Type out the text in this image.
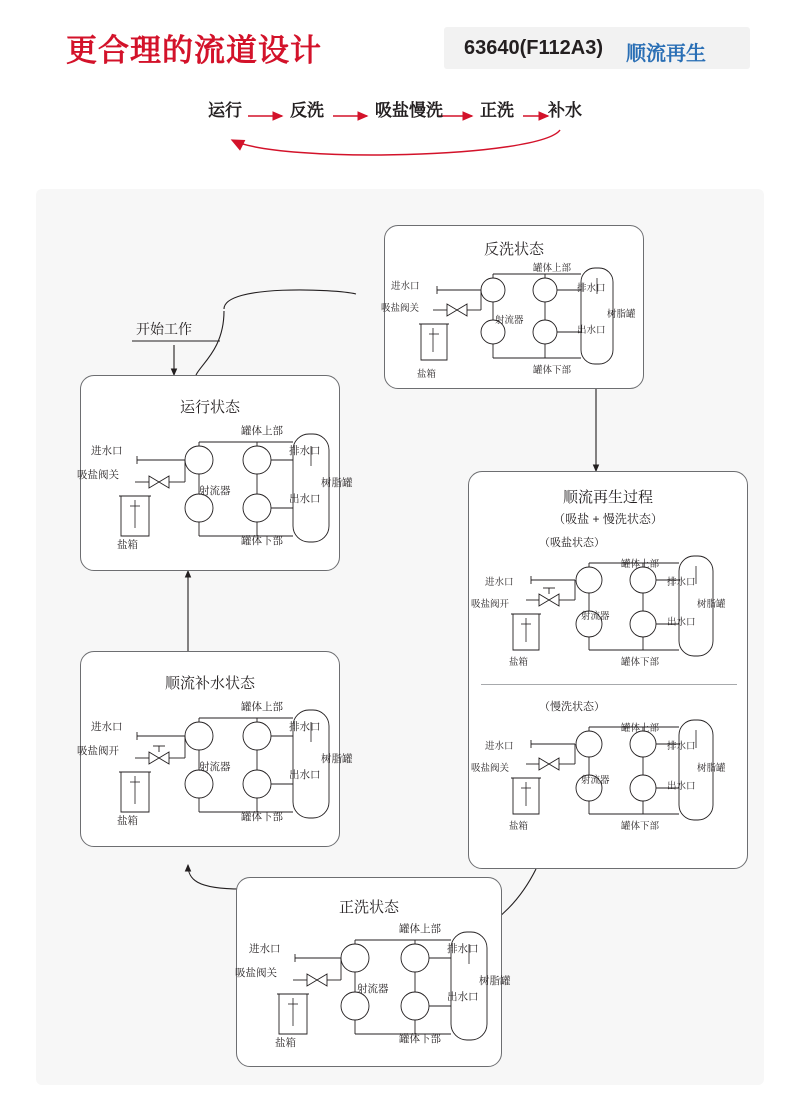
更合理的流道设计	63640(F112A3) 顺流再生
运行	反洗	吸盐慢洗 正洗 补水
开始工作
反洗状态
进水口
罐体上部
排水口
吸盐阀关
射流器
出水口
罐体下部
树脂罐
盐箱
运行状态
进水口
罐体上部
排水口
吸盐阀关
射流器
出水口
罐体下部
树脂罐
盐箱
顺流再生过程
（吸盐 + 慢洗状态）
（吸盐状态）
进水口
罐体上部
排水口
吸盐阀开
射流器
出水口
罐体下部
树脂罐
盐箱
（慢洗状态）
进水口
罐体上部
排水口
吸盐阀关
射流器
出水口
罐体下部
树脂罐
盐箱
顺流补水状态
进水口
罐体上部
排水口
吸盐阀开
射流器
出水口
罐体下部
树脂罐
盐箱
正洗状态
进水口
罐体上部
排水口
吸盐阀关
射流器
出水口
罐体下部
树脂罐
盐箱
